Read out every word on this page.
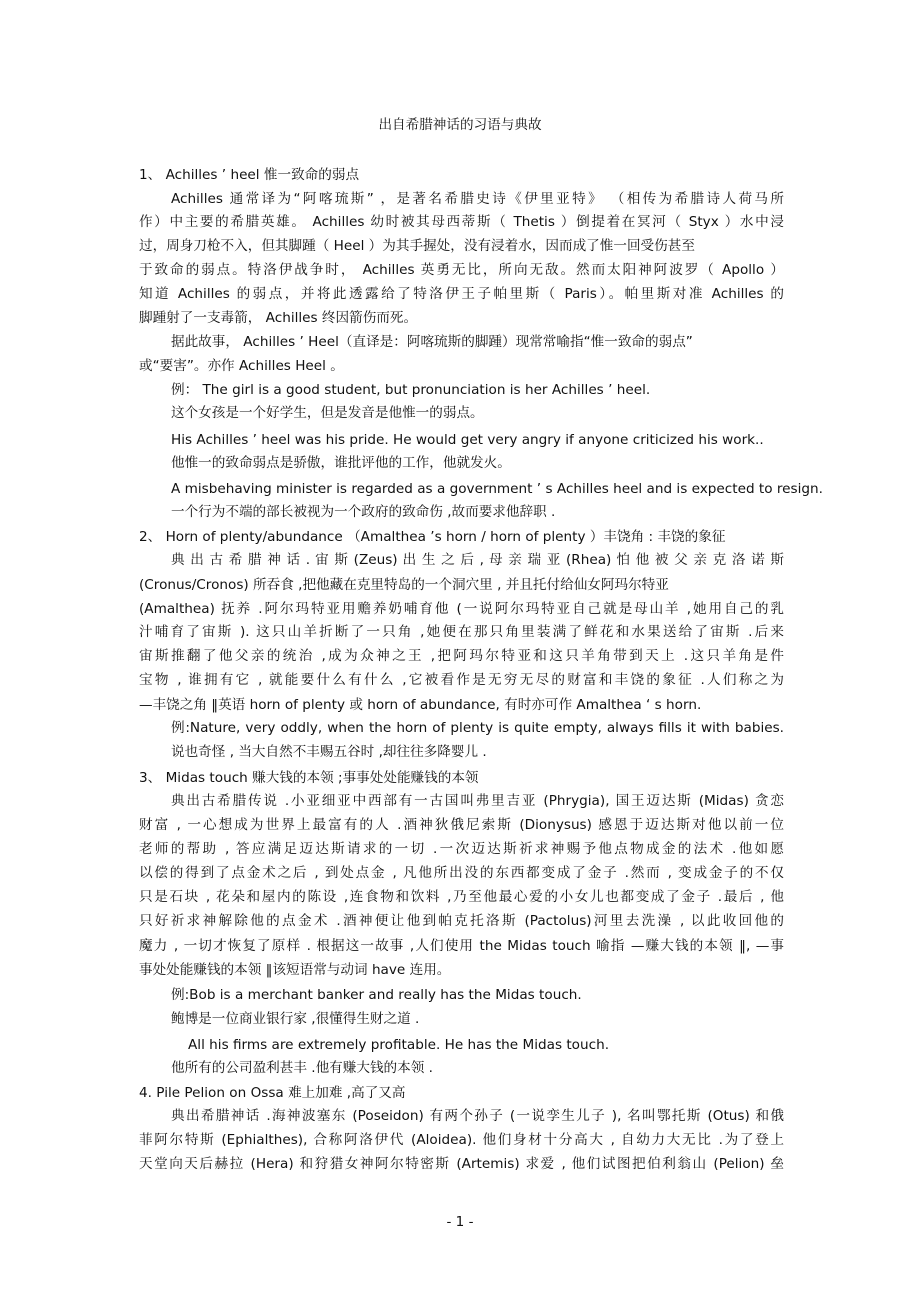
出自希腊神话的习语与典故
1、 Achilles ’ heel 惟一致命的弱点
Achilles 通常译为“阿喀琉斯” ，是著名希腊史诗《伊里亚特》 （相传为希腊诗人荷马所
作）中主要的希腊英雄。 Achilles 幼时被其母西蒂斯（ Thetis ）倒提着在冥河（ Styx ）水中浸
过，周身刀枪不入，但其脚踵（ Heel ）为其手握处，没有浸着水，因而成了惟一回受伤甚至
于致命的弱点。特洛伊战争时， Achilles 英勇无比，所向无敌。然而太阳神阿波罗（ Apollo ）
知道 Achilles 的弱点，并将此透露给了特洛伊王子帕里斯（ Paris）。帕里斯对准 Achilles 的
脚踵射了一支毒箭， Achilles 终因箭伤而死。
据此故事， Achilles ’ Heel（直译是：阿喀琉斯的脚踵）现常常喻指“惟一致命的弱点”
或“要害”。亦作 Achilles Heel 。
例： The girl is a good student, but pronunciation is her Achilles ’ heel.
这个女孩是一个好学生，但是发音是他惟一的弱点。
His Achilles ’ heel was his pride. He would get very angry if anyone criticized his work..
他惟一的致命弱点是骄傲，谁批评他的工作，他就发火。
A misbehaving minister is regarded as a government ’ s Achilles heel and is expected to resign.
一个行为不端的部长被视为一个政府的致命伤 ,故而要求他辞职 .
2、 Horn of plenty/abundance （Amalthea ’s horn / horn of plenty ）丰饶角 : 丰饶的象征
典 出 古 希 腊 神 话 . 宙 斯 (Zeus) 出 生 之 后 , 母 亲 瑞 亚 (Rhea) 怕 他 被 父 亲 克 洛 诺 斯
(Cronus/Cronos) 所吞食 ,把他藏在克里特岛的一个洞穴里 , 并且托付给仙女阿玛尔特亚
(Amalthea) 抚养 .阿尔玛特亚用赡养奶哺育他 (一说阿尔玛特亚自己就是母山羊 ,她用自己的乳
汁哺育了宙斯 ). 这只山羊折断了一只角 ,她便在那只角里装满了鲜花和水果送给了宙斯 .后来
宙斯推翻了他父亲的统治 ,成为众神之王 ,把阿玛尔特亚和这只羊角带到天上 .这只羊角是件
宝物 , 谁拥有它 , 就能要什么有什么 ,它被看作是无穷无尽的财富和丰饶的象征 .人们称之为
—丰饶之角 ‖英语 horn of plenty 或 horn of abundance, 有时亦可作 Amalthea ‘ s horn.
例:Nature, very oddly, when the horn of plenty is quite empty, always fills it with babies.
说也奇怪 , 当大自然不丰赐五谷时 ,却往往多降婴儿 .
3、 Midas touch 赚大钱的本领 ;事事处处能赚钱的本领
典出古希腊传说 .小亚细亚中西部有一古国叫弗里吉亚 (Phrygia), 国王迈达斯 (Midas) 贪恋
财富 , 一心想成为世界上最富有的人 .酒神狄俄尼索斯 (Dionysus) 感恩于迈达斯对他以前一位
老师的帮助 , 答应满足迈达斯请求的一切 .一次迈达斯祈求神赐予他点物成金的法术 .他如愿
以偿的得到了点金术之后 , 到处点金 , 凡他所出没的东西都变成了金子 .然而 , 变成金子的不仅
只是石块 , 花朵和屋内的陈设 ,连食物和饮料 ,乃至他最心爱的小女儿也都变成了金子 .最后 , 他
只好祈求神解除他的点金术 .酒神便让他到帕克托洛斯 (Pactolus)河里去洗澡 , 以此收回他的
魔力 , 一切才恢复了原样 . 根据这一故事 ,人们使用 the Midas touch 喻指 —赚大钱的本领 ‖, —事
事处处能赚钱的本领 ‖该短语常与动词 have 连用。
例:Bob is a merchant banker and really has the Midas touch.
鲍博是一位商业银行家 ,很懂得生财之道 .
All his firms are extremely profitable. He has the Midas touch.
他所有的公司盈利甚丰 .他有赚大钱的本领 .
4. Pile Pelion on Ossa 难上加难 ,高了又高
典出希腊神话 .海神波塞东 (Poseidon) 有两个孙子 (一说孪生儿子 ), 名叫鄂托斯 (Otus) 和俄
菲阿尔特斯 (Ephialthes), 合称阿洛伊代 (Aloidea). 他们身材十分高大 , 自幼力大无比 .为了登上
天堂向天后赫拉 (Hera) 和狩猎女神阿尔特密斯 (Artemis) 求爱 , 他们试图把伯利翁山 (Pelion) 垒
- 1 -
